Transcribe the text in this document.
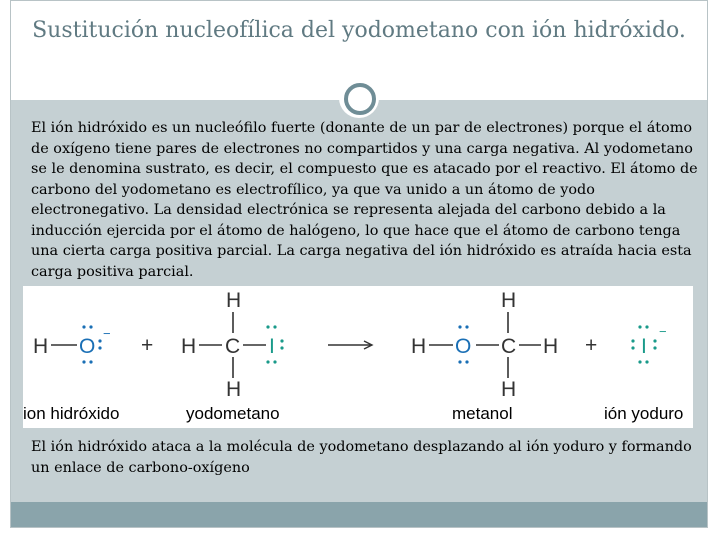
Sustitución nucleofílica del yodometano con ión hidróxido.
El ión hidróxido es un nucleófilo fuerte (donante de un par de electrones) porque el átomo de oxígeno tiene pares de electrones no compartidos y una carga negativa. Al yodometano se le denomina sustrato, es decir, el compuesto que es atacado por el reactivo. El átomo de carbono del yodometano es electrofílico, ya que va unido a un átomo de yodo electronegativo. La densidad electrónica se representa alejada del carbono debido a la inducción ejercida por el átomo de halógeno, lo que hace que el átomo de carbono tenga una cierta carga positiva parcial. La carga negativa del ión hidróxido es atraída hacia esta carga positiva parcial.
H O
−
+
H
H C I
H
H O C
H
H
H
+ I
−
ion hidróxido	yodometano	metanol	ión yoduro
El ión hidróxido ataca a la molécula de yodometano desplazando al ión yoduro y formando un enlace de carbono-oxígeno
